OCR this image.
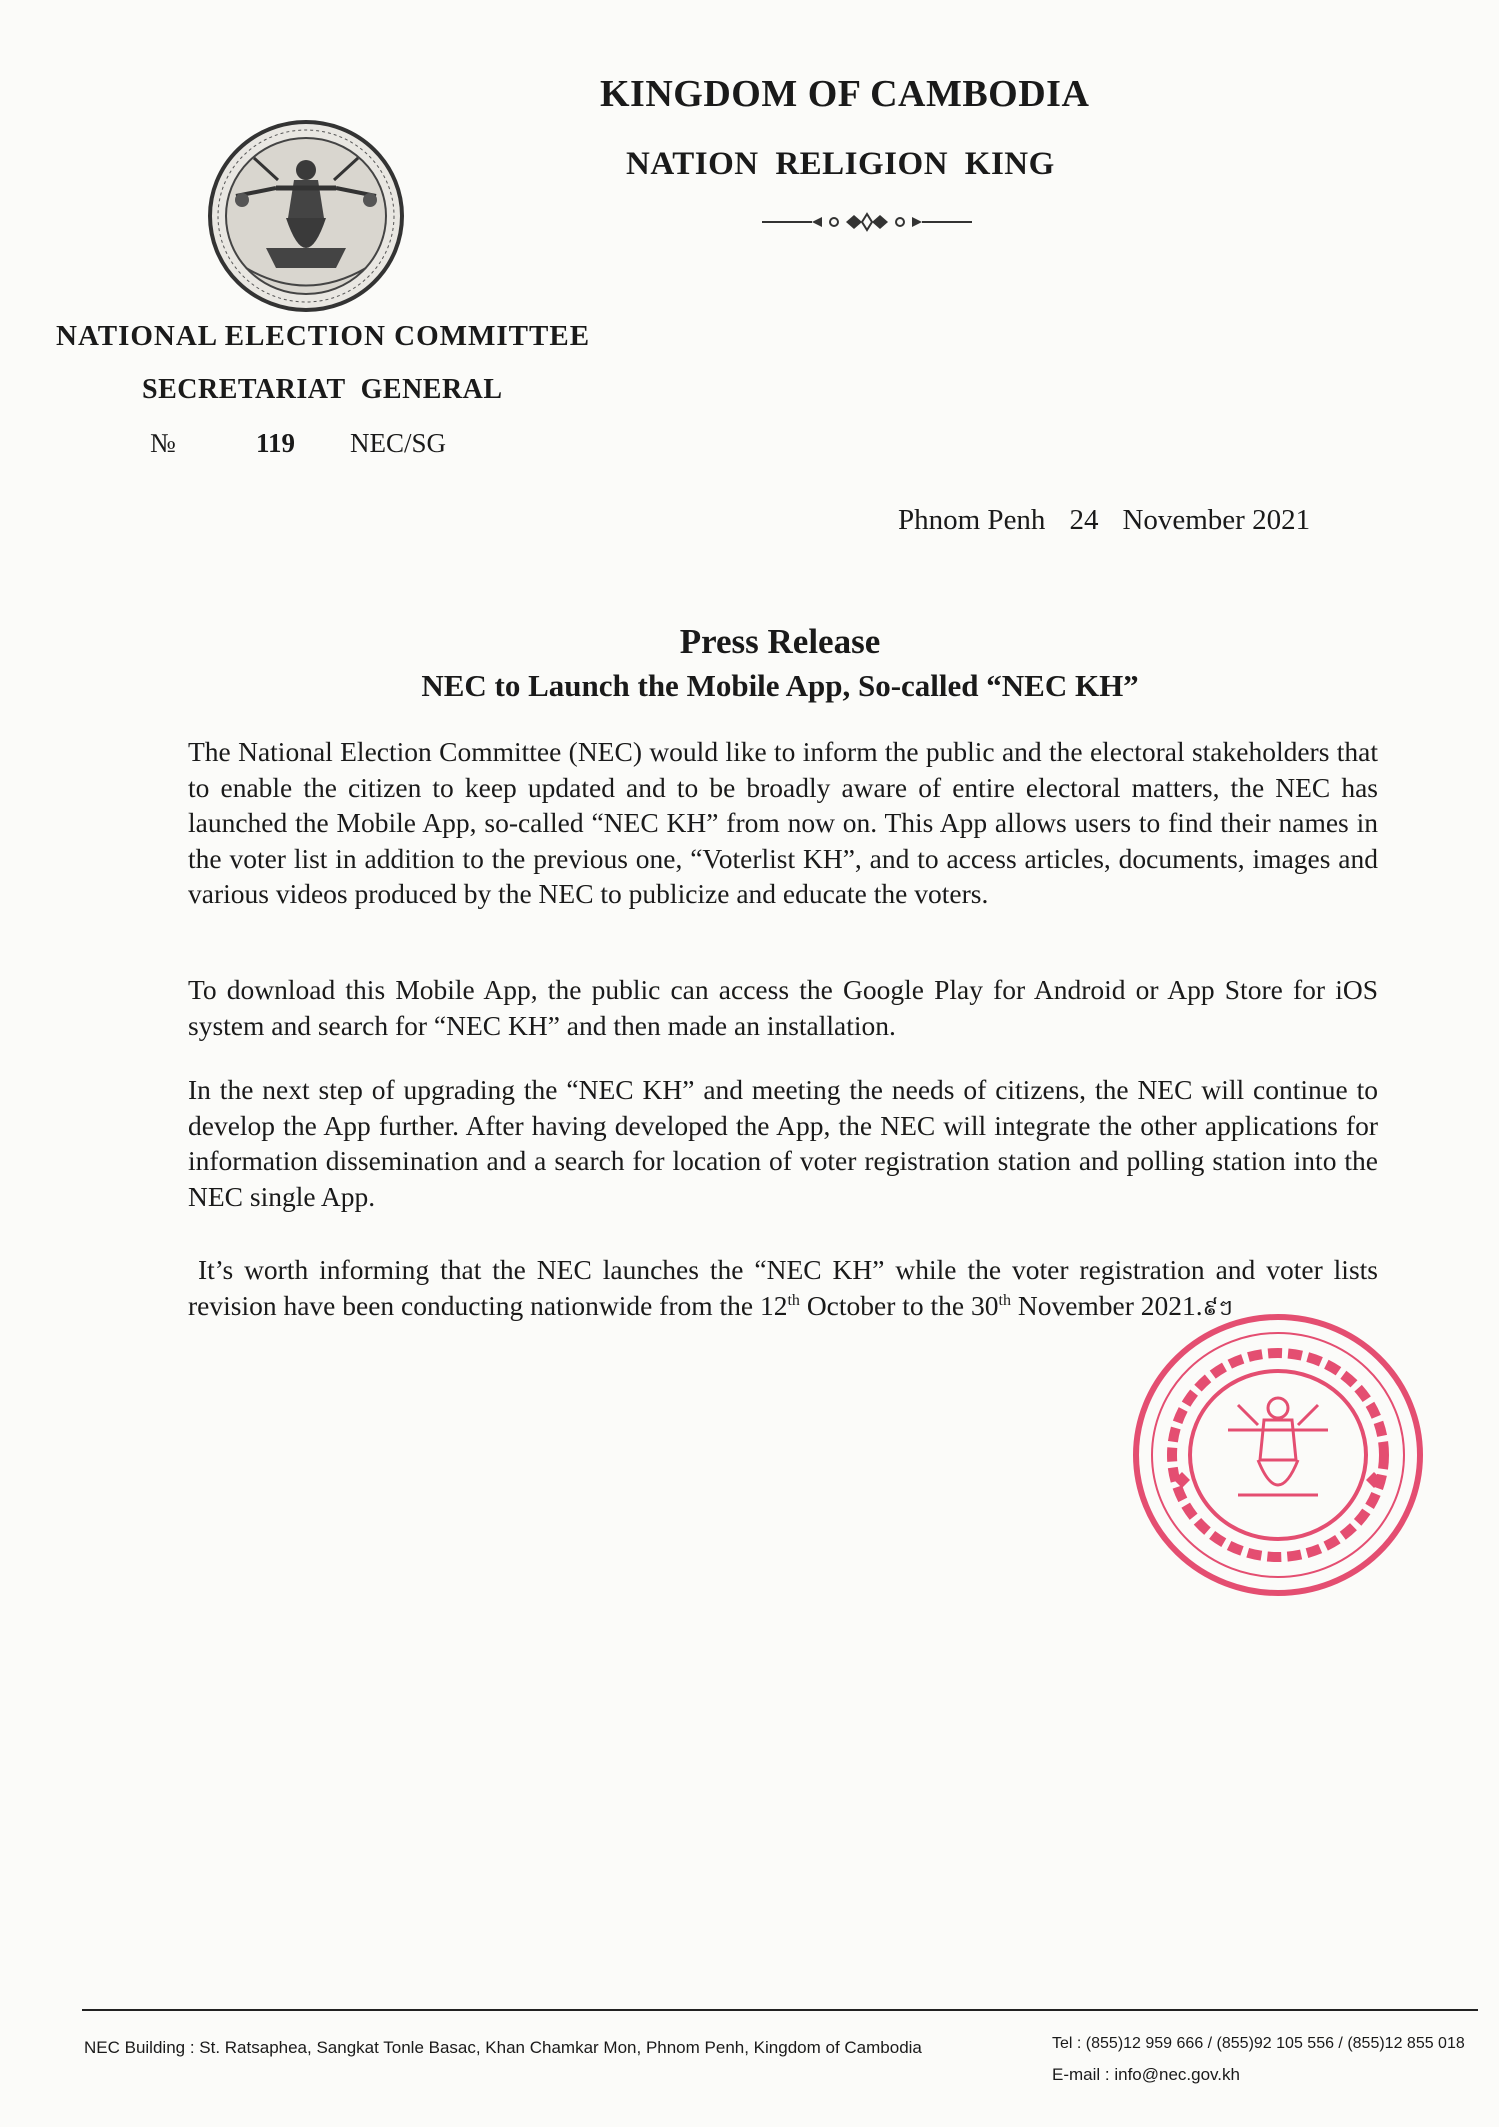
KINGDOM OF CAMBODIA
NATION RELIGION KING
NATIONAL ELECTION COMMITTEE
SECRETARIAT GENERAL
№	119 NEC/SG
Phnom Penh 24 November 2021
Press Release
NEC to Launch the Mobile App, So-called “NEC KH”
The National Election Committee (NEC) would like to inform the public and the electoral stakeholders that to enable the citizen to keep updated and to be broadly aware of entire electoral matters, the NEC has launched the Mobile App, so-called “NEC KH” from now on. This App allows users to find their names in the voter list in addition to the previous one, “Voterlist KH”, and to access articles, documents, images and various videos produced by the NEC to publicize and educate the voters.
To download this Mobile App, the public can access the Google Play for Android or App Store for iOS system and search for “NEC KH” and then made an installation.
In the next step of upgrading the “NEC KH” and meeting the needs of citizens, the NEC will continue to develop the App further. After having developed the App, the NEC will integrate the other applications for information dissemination and a search for location of voter registration station and polling station into the NEC single App.
It’s worth informing that the NEC launches the “NEC KH” while the voter registration and voter lists revision have been conducting nationwide from the 12th October to the 30th November 2021.៩ៗ
NEC Building : St. Ratsaphea, Sangkat Tonle Basac, Khan Chamkar Mon, Phnom Penh, Kingdom of Cambodia	Tel : (855)12 959 666 / (855)92 105 556 / (855)12 855 018
E-mail : info@nec.gov.kh
